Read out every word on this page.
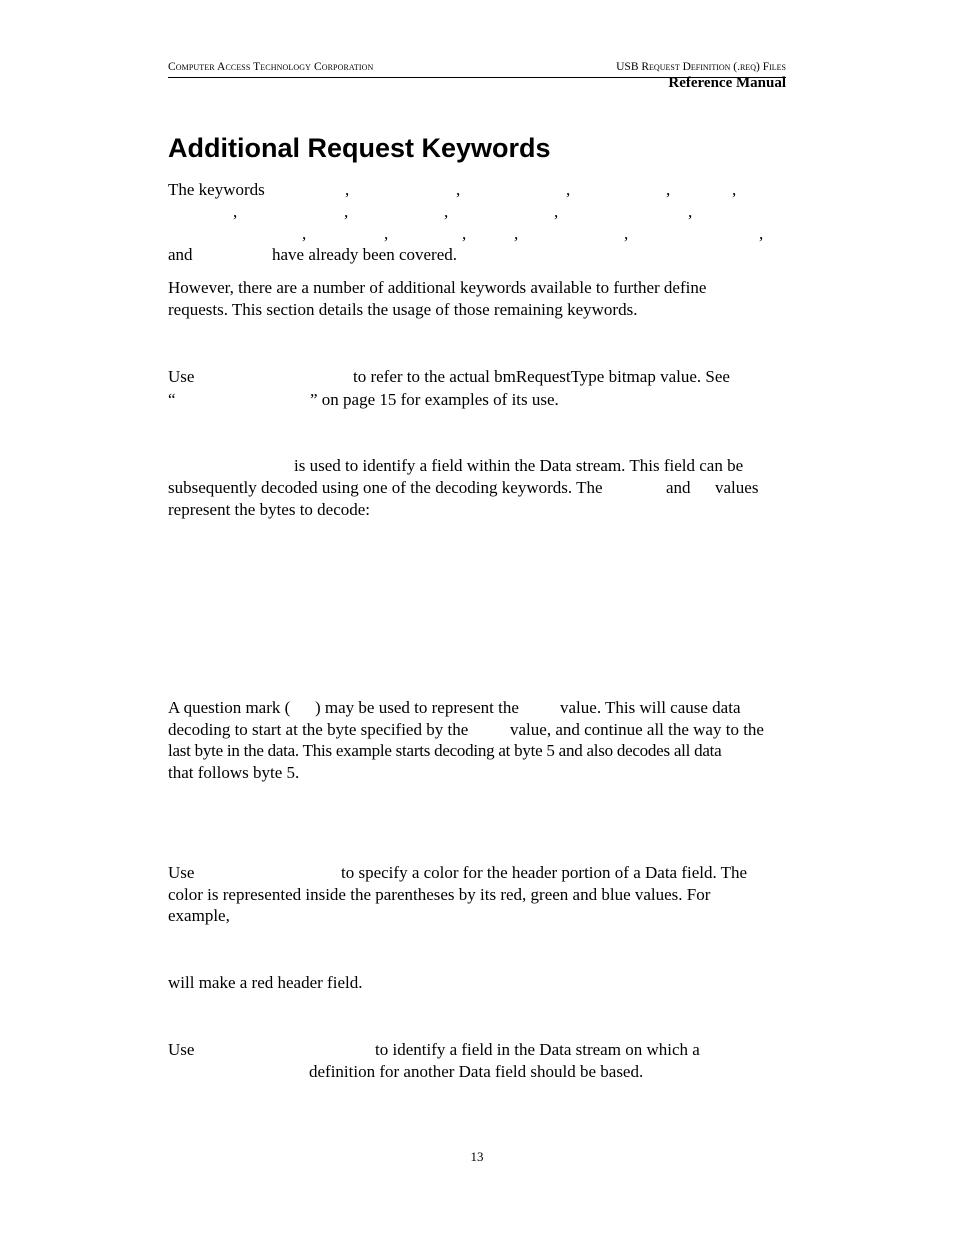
Computer Access Technology Corporation	USB Request Definition (.req) Files
Reference Manual
Additional Request Keywords
The keywords	,	,	,	,	,
,	,	,	,	,
,	,	,	,	,	,
and	have already been covered.
However, there are a number of additional keywords available to further define
requests. This section details the usage of those remaining keywords.
Use	to refer to the actual bmRequestType bitmap value. See
“	” on page 15 for examples of its use.
is used to identify a field within the Data stream. This field can be
subsequently decoded using one of the decoding keywords. The	and values
represent the bytes to decode:
A question mark ( ) may be used to represent the value. This will cause data
decoding to start at the byte specified by the value, and continue all the way to the
last byte in the data. This example starts decoding at byte 5 and also decodes all data
that follows byte 5.
Use	to specify a color for the header portion of a Data field. The
color is represented inside the parentheses by its red, green and blue values. For
example,
will make a red header field.
Use	to identify a field in the Data stream on which a
definition for another Data field should be based.
13
